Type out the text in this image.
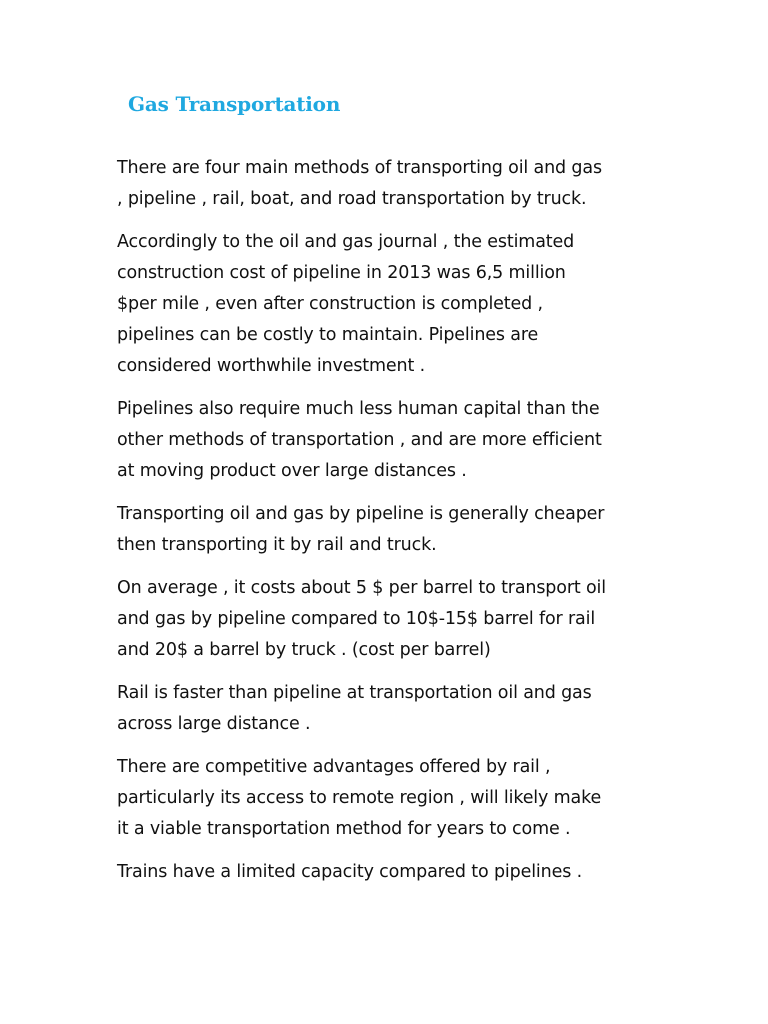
Gas Transportation

There are four main methods of transporting oil and gas
, pipeline , rail, boat, and road transportation by truck.

Accordingly to the oil and gas journal , the estimated
construction cost of pipeline in 2013 was 6,5 million
$per mile , even after construction is completed ,
pipelines can be costly to maintain. Pipelines are
considered worthwhile investment .

Pipelines also require much less human capital than the
other methods of transportation , and are more efficient
at moving product over large distances .

Transporting oil and gas by pipeline is generally cheaper
then transporting it by rail and truck.

On average , it costs about 5 $ per barrel to transport oil
and gas by pipeline compared to 10$-15$ barrel for rail
and 20$ a barrel by truck . (cost per barrel)

Rail is faster than pipeline at transportation oil and gas
across large distance .

There are competitive advantages offered by rail ,
particularly its access to remote region , will likely make
it a viable transportation method for years to come .

Trains have a limited capacity compared to pipelines .
